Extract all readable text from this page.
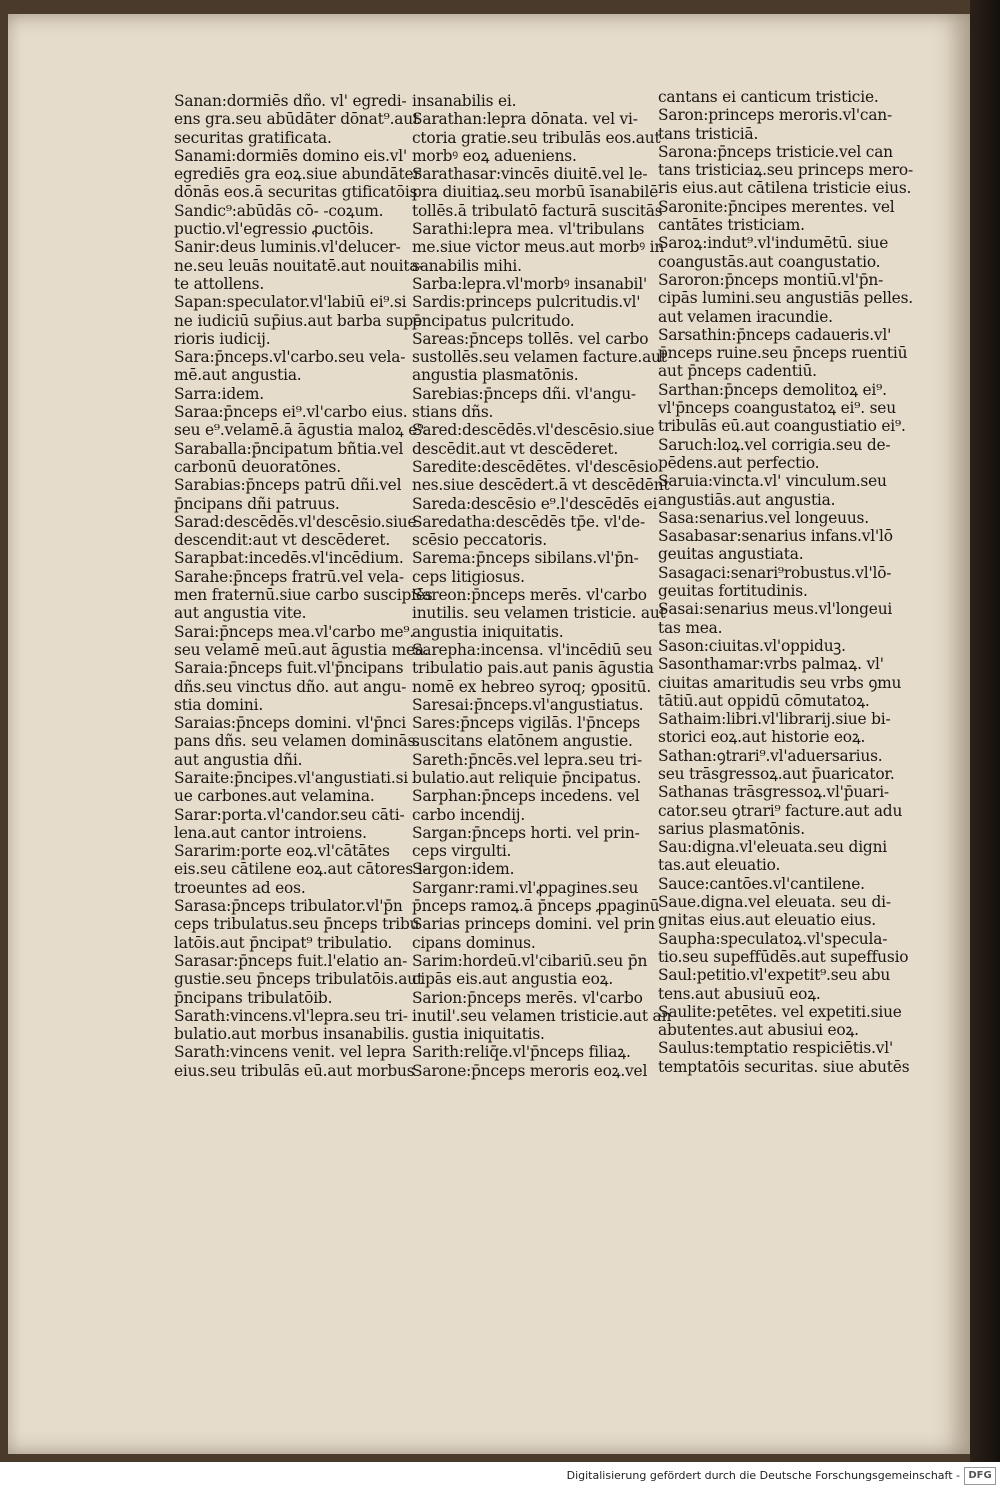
Sanan:dormiēs dño. vl' egredi-
ens gra.seu abūdāter dōnat⁹.aut
securitas gratificata.
Sanami:dormiēs domino eis.vl'
egrediēs gra eoꝝ.siue abundāter
dōnās eos.ā securitas gtificatōis
Sandic⁹:abūdās cō- -coꝝum.
puctio.vl'egressio ꝓuctōis.
Sanir:deus luminis.vl'delucer-
ne.seu leuās nouitatē.aut nouita-
te attollens.
Sapan:speculator.vl'labiū ei⁹.si
ne iudiciū sup̄ius.aut barba supe
rioris iudicij.
Sara:p̄nceps.vl'carbo.seu vela-
mē.aut angustia.
Sarra:idem.
Saraa:p̄nceps ei⁹.vl'carbo eius.
seu e⁹.velamē.ā āgustia maloꝝ e⁹.
Saraballa:p̄ncipatum bñtia.vel
carbonū deuoratōnes.
Sarabias:p̄nceps patrū dñi.vel
p̄ncipans dñi patruus.
Sarad:descēdēs.vl'descēsio.siue
descendit:aut vt descēderet.
Sarapbat:incedēs.vl'incēdium.
Sarahe:p̄nceps fratrū.vel vela-
men fraternū.siue carbo suscipiēs
aut angustia vite.
Sarai:p̄nceps mea.vl'carbo me⁹.
seu velamē meū.aut āgustia mea.
Saraia:p̄nceps fuit.vl'p̄ncipans
dñs.seu vinctus dño. aut angu-
stia domini.
Saraias:p̄nceps domini. vl'p̄nci
pans dñs. seu velamen dominās.
aut angustia dñi.
Saraite:p̄ncipes.vl'angustiati.si
ue carbones.aut velamina.
Sarar:porta.vl'candor.seu cāti-
lena.aut cantor introiens.
Sararim:porte eoꝝ.vl'cātātes
eis.seu cātilene eoꝝ.aut cātores i-
troeuntes ad eos.
Sarasa:p̄nceps tribulator.vl'p̄n
ceps tribulatus.seu p̄nceps tribu
latōis.aut p̄ncipat⁹ tribulatio.
Sarasar:p̄nceps fuit.l'elatio an-
gustie.seu p̄nceps tribulatōis.aut
p̄ncipans tribulatōib.
Sarath:vincens.vl'lepra.seu tri-
bulatio.aut morbus insanabilis.
Sarath:vincens venit. vel lepra
eius.seu tribulās eū.aut morbus
insanabilis ei.
Sarathan:lepra dōnata. vel vi-
ctoria gratie.seu tribulās eos.aut
morbꝰ eoꝝ adueniens.
Sarathasar:vincēs diuitē.vel le-
pra diuitiaꝝ.seu morbū īsanabilē
tollēs.ā tribulatō facturā suscitās
Sarathi:lepra mea. vl'tribulans
me.siue victor meus.aut morbꝰ in
sanabilis mihi.
Sarba:lepra.vl'morbꝰ insanabil'
Sardis:princeps pulcritudis.vl'
p̄ncipatus pulcritudo.
Sareas:p̄nceps tollēs. vel carbo
sustollēs.seu velamen facture.aut
angustia plasmatōnis.
Sarebias:p̄nceps dñi. vl'angu-
stians dñs.
Sared:descēdēs.vl'descēsio.siue
descēdit.aut vt descēderet.
Saredite:descēdētes. vl'descēsio
nes.siue descēdert.ā vt descēdēnt
Sareda:descēsio e⁹.l'descēdēs ei
Saredatha:descēdēs tp̄e. vl'de-
scēsio peccatoris.
Sarema:p̄nceps sibilans.vl'p̄n-
ceps litigiosus.
Sareon:p̄nceps merēs. vl'carbo
inutilis. seu velamen tristicie. aut
angustia iniquitatis.
Sarepha:incensa. vl'incēdiū seu
tribulatio pais.aut panis āgustia
nomē ex hebreo syroq; ꝯpositū.
Saresai:p̄nceps.vl'angustiatus.
Sares:p̄nceps vigilās. l'p̄nceps
suscitans elatōnem angustie.
Sareth:p̄ncēs.vel lepra.seu tri-
bulatio.aut reliquie p̄ncipatus.
Sarphan:p̄nceps incedens. vel
carbo incendij.
Sargan:p̄nceps horti. vel prin-
ceps virgulti.
Sargon:idem.
Sarganr:rami.vl'ꝓpagines.seu
p̄nceps ramoꝝ.ā p̄nceps ꝓpaginū
Sarias princeps domini. vel prin
cipans dominus.
Sarim:hordeū.vl'cibariū.seu p̄n
cipās eis.aut angustia eoꝝ.
Sarion:p̄nceps merēs. vl'carbo
inutil'.seu velamen tristicie.aut an
gustia iniquitatis.
Sarith:reliq̄e.vl'p̄nceps filiaꝝ.
Sarone:p̄nceps meroris eoꝝ.vel
cantans ei canticum tristicie.
Saron:princeps meroris.vl'can-
tans tristiciā.
Sarona:p̄nceps tristicie.vel can
tans tristiciaꝝ.seu princeps mero-
ris eius.aut cātilena tristicie eius.
Saronite:p̄ncipes merentes. vel
cantātes tristiciam.
Saroꝝ:indut⁹.vl'indumētū. siue
coangustās.aut coangustatio.
Saroron:p̄nceps montiū.vl'p̄n-
cipās lumini.seu angustiās pelles.
aut velamen iracundie.
Sarsathin:p̄nceps cadaueris.vl'
p̄nceps ruine.seu p̄nceps ruentiū
aut p̄nceps cadentiū.
Sarthan:p̄nceps demolitoꝝ ei⁹.
vl'p̄nceps coangustatoꝝ ei⁹. seu
tribulās eū.aut coangustiatio ei⁹.
Saruch:loꝝ.vel corrigia.seu de-
pēdens.aut perfectio.
Saruia:vincta.vl' vinculum.seu
angustiās.aut angustia.
Sasa:senarius.vel longeuus.
Sasabasar:senarius infans.vl'lō
geuitas angustiata.
Sasagaci:senari⁹robustus.vl'lō-
geuitas fortitudinis.
Sasai:senarius meus.vl'longeui
tas mea.
Sason:ciuitas.vl'oppiduꝫ.
Sasonthamar:vrbs palmaꝝ. vl'
ciuitas amaritudis seu vrbs ꝯmu
tātiū.aut oppidū cōmutatoꝝ.
Sathaim:libri.vl'librarij.siue bi-
storici eoꝝ.aut historie eoꝝ.
Sathan:ꝯtrari⁹.vl'aduersarius.
seu trāsgressoꝝ.aut p̄uaricator.
Sathanas trāsgressoꝝ.vl'p̄uari-
cator.seu ꝯtrari⁹ facture.aut adu
sarius plasmatōnis.
Sau:digna.vl'eleuata.seu digni
tas.aut eleuatio.
Sauce:cantōes.vl'cantilene.
Saue.digna.vel eleuata. seu di-
gnitas eius.aut eleuatio eius.
Saupha:speculatoꝝ.vl'specula-
tio.seu supeffūdēs.aut supeffusio
Saul:petitio.vl'expetit⁹.seu abu
tens.aut abusiuū eoꝝ.
Saulite:petētes. vel expetiti.siue
abutentes.aut abusiui eoꝝ.
Saulus:temptatio respiciētis.vl'
temptatōis securitas. siue abutēs
Digitalisierung gefördert durch die Deutsche Forschungsgemeinschaft - DFG
